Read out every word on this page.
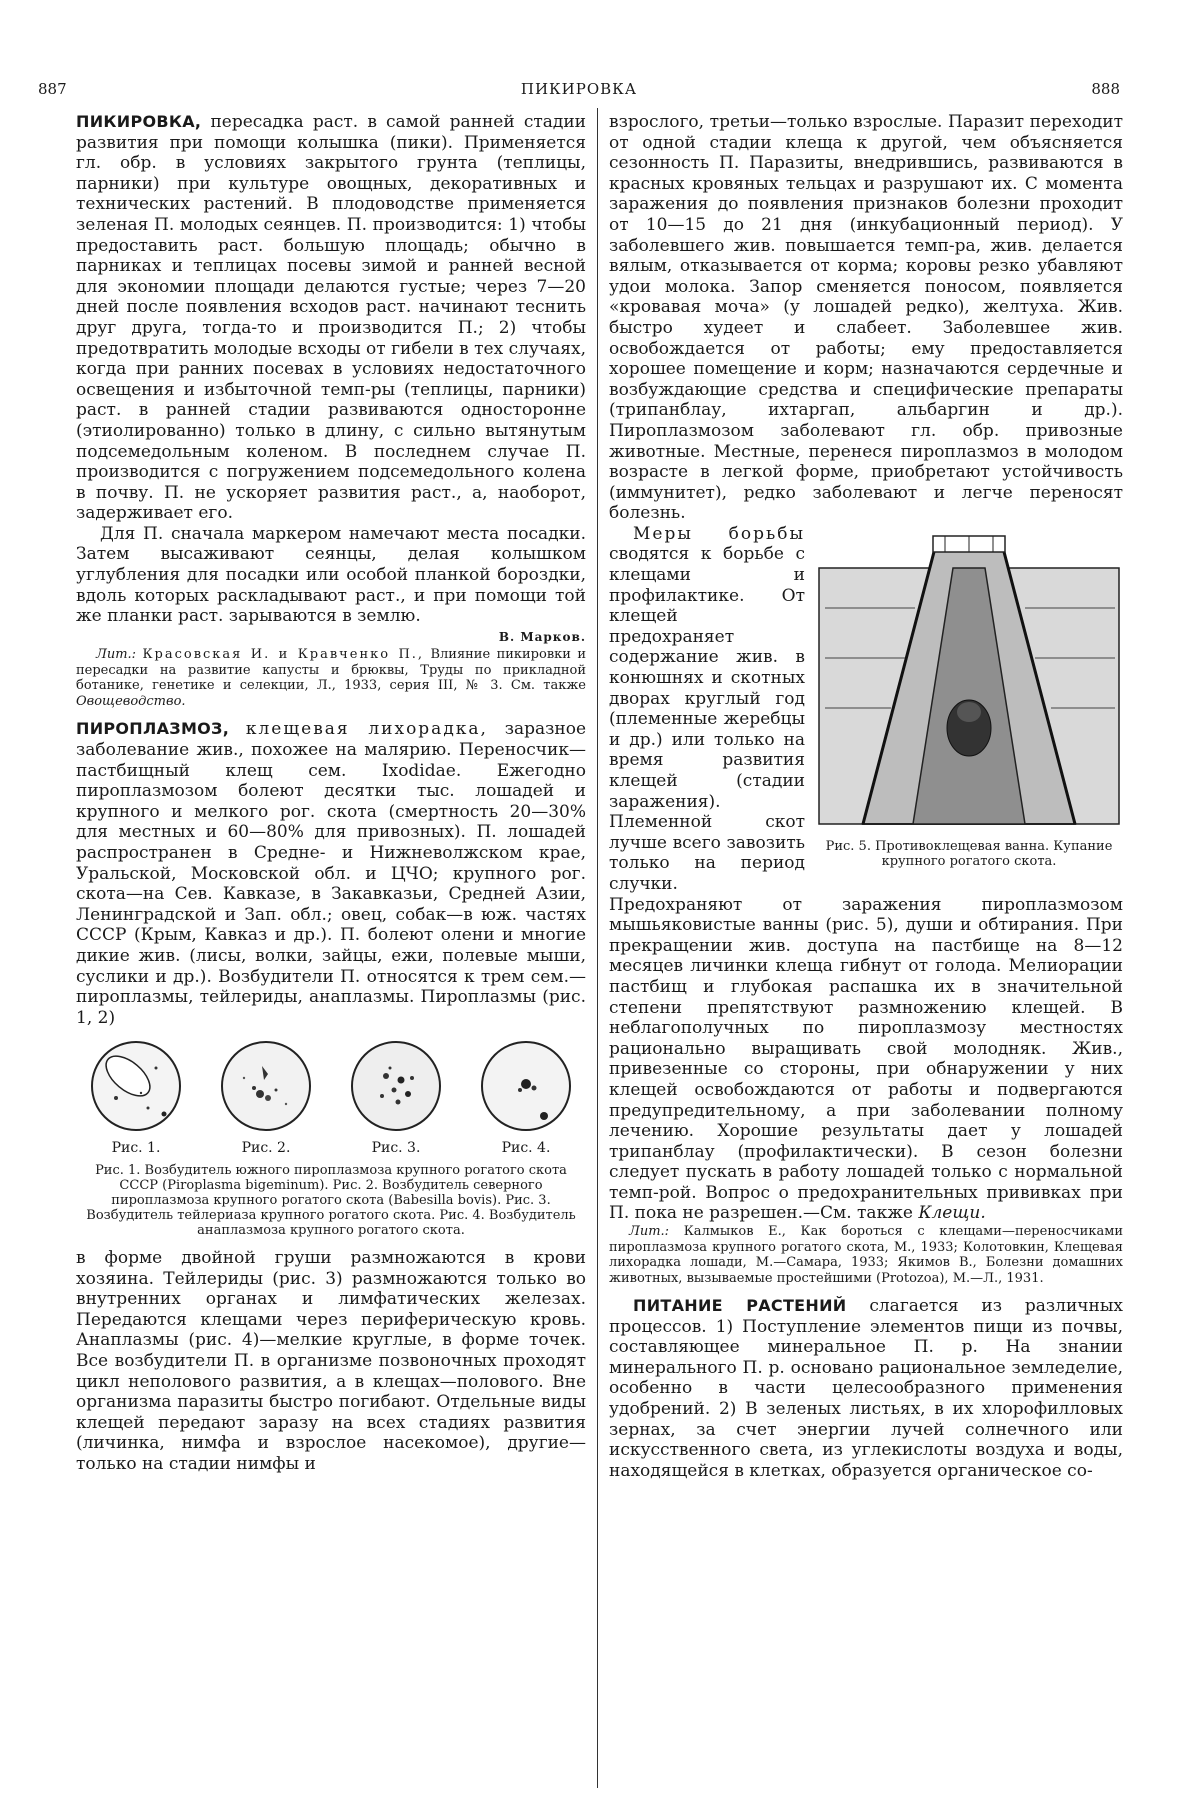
887	ПИКИРОВКА	888

ПИКИРОВКА, пересадка раст. в самой ранней стадии развития при помощи колышка (пики). Применяется гл. обр. в условиях закрытого грунта (теплицы, парники) при культуре овощных, декоративных и технических растений. В плодоводстве применяется зеленая П. молодых сеянцев. П. производится: 1) чтобы предоставить раст. большую площадь; обычно в парниках и теплицах посевы зимой и ранней весной для экономии площади делаются густые; через 7—20 дней после появления всходов раст. начинают теснить друг друга, тогда-то и производится П.; 2) чтобы предотвратить молодые всходы от гибели в тех случаях, когда при ранних посевах в условиях недостаточного освещения и избыточной темп-ры (теплицы, парники) раст. в ранней стадии развиваются односторонне (этиолированно) только в длину, с сильно вытянутым подсемедольным коленом. В последнем случае П. производится с погружением подсемедольного колена в почву. П. не ускоряет развития раст., а, наоборот, задерживает его.

Для П. сначала маркером намечают места посадки. Затем высаживают сеянцы, делая колышком углубления для посадки или особой планкой бороздки, вдоль которых раскладывают раст., и при помощи той же планки раст. зарываются в землю.

В. Марков.

Лит.: Красовская И. и Кравченко П., Влияние пикировки и пересадки на развитие капусты и брюквы, Труды по прикладной ботанике, генетике и селекции, Л., 1933, серия III, № 3. См. также Овощеводство.

ПИРОПЛАЗМОЗ, клещевая лихорадка, заразное заболевание жив., похожее на малярию. Переносчик—пастбищный клещ сем. Ixodidae. Ежегодно пироплазмозом болеют десятки тыс. лошадей и крупного и мелкого рог. скота (смертность 20—30% для местных и 60—80% для привозных). П. лошадей распространен в Средне- и Нижневолжском крае, Уральской, Московской обл. и ЦЧО; крупного рог. скота—на Сев. Кавказе, в Закавказьи, Средней Азии, Ленинградской и Зап. обл.; овец, собак—в юж. частях СССР (Крым, Кавказ и др.). П. болеют олени и многие дикие жив. (лисы, волки, зайцы, ежи, полевые мыши, суслики и др.). Возбудители П. относятся к трем сем.—пироплазмы, тейлериды, анаплазмы. Пироплазмы (рис. 1, 2)

Рис. 1.	Рис. 2.	Рис. 3.	Рис. 4.
Рис. 1. Возбудитель южного пироплазмоза крупного рогатого скота СССР (Piroplasma bigeminum). Рис. 2. Возбудитель северного пироплазмоза крупного рогатого скота (Babesilla bovis). Рис. 3. Возбудитель тейлериаза крупного рогатого скота. Рис. 4. Возбудитель анаплазмоза крупного рогатого скота.

в форме двойной груши размножаются в крови хозяина. Тейлериды (рис. 3) размножаются только во внутренних органах и лимфатических железах. Передаются клещами через периферическую кровь. Анаплазмы (рис. 4)—мелкие круглые, в форме точек. Все возбудители П. в организме позвоночных проходят цикл неполового развития, а в клещах—полового. Вне организма паразиты быстро погибают. Отдельные виды клещей передают заразу на всех стадиях развития (личинка, нимфа и взрослое насекомое), другие—только на стадии нимфы и

взрослого, третьи—только взрослые. Паразит переходит от одной стадии клеща к другой, чем объясняется сезонность П. Паразиты, внедрившись, развиваются в красных кровяных тельцах и разрушают их. С момента заражения до появления признаков болезни проходит от 10—15 до 21 дня (инкубационный период). У заболевшего жив. повышается темп-ра, жив. делается вялым, отказывается от корма; коровы резко убавляют удои молока. Запор сменяется поносом, появляется «кровавая моча» (у лошадей редко), желтуха. Жив. быстро худеет и слабеет. Заболевшее жив. освобождается от работы; ему предоставляется хорошее помещение и корм; назначаются сердечные и возбуждающие средства и специфические препараты (трипанблау, ихтаргап, альбаргин и др.). Пироплазмозом заболевают гл. обр. привозные животные. Местные, перенеся пироплазмоз в молодом возрасте в легкой форме, приобретают устойчивость (иммунитет), редко заболевают и легче переносят болезнь.

Рис. 5. Противоклещевая ванна. Купание крупного рогатого скота.

Меры борьбы сводятся к борьбе с клещами и профилактике. От клещей предохраняет содержание жив. в конюшнях и скотных дворах круглый год (племенные жеребцы и др.) или только на время развития клещей (стадии заражения). Племенной скот лучше всего завозить только на период случки. Предохраняют от заражения пироплазмозом мышьяковистые ванны (рис. 5), души и обтирания. При прекращении жив. доступа на пастбище на 8—12 месяцев личинки клеща гибнут от голода. Мелиорации пастбищ и глубокая распашка их в значительной степени препятствуют размножению клещей. В неблагополучных по пироплазмозу местностях рационально выращивать свой молодняк. Жив., привезенные со стороны, при обнаружении у них клещей освобождаются от работы и подвергаются предупредительному, а при заболевании полному лечению. Хорошие результаты дает у лошадей трипанблау (профилактически). В сезон болезни следует пускать в работу лошадей только с нормальной темп-рой. Вопрос о предохранительных прививках при П. пока не разрешен.—См. также Клещи.

Лит.: Калмыков Е., Как бороться с клещами—переносчиками пироплазмоза крупного рогатого скота, М., 1933; Колотовкин, Клещевая лихорадка лошади, М.—Самара, 1933; Якимов В., Болезни домашних животных, вызываемые простейшими (Protozoa), М.—Л., 1931.

ПИТАНИЕ РАСТЕНИЙ слагается из различных процессов. 1) Поступление элементов пищи из почвы, составляющее минеральное П. р. На знании минерального П. р. основано рациональное земледелие, особенно в части целесообразного применения удобрений. 2) В зеленых листьях, в их хлорофилловых зернах, за счет энергии лучей солнечного или искусственного света, из углекислоты воздуха и воды, находящейся в клетках, образуется органическое со-
